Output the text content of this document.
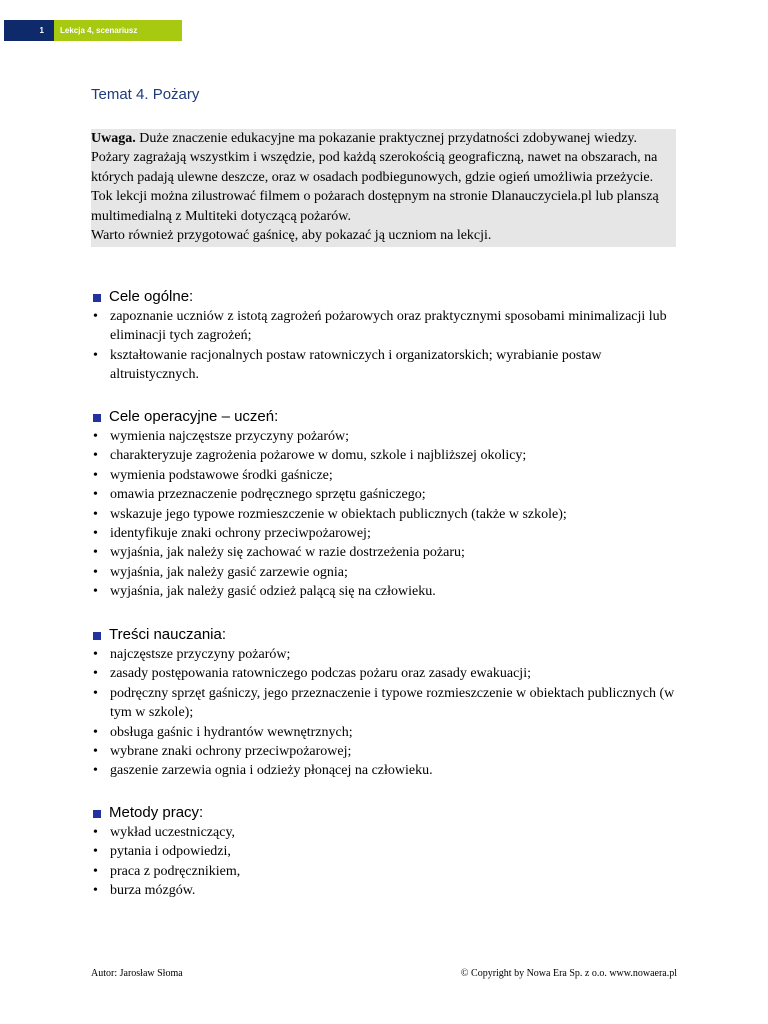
1	Lekcja 4, scenariusz
Temat 4. Pożary

Uwaga. Duże znaczenie edukacyjne ma pokazanie praktycznej przydatności zdobywanej wiedzy. Pożary zagrażają wszystkim i wszędzie, pod każdą szerokością geograficzną, nawet na obszarach, na których padają ulewne deszcze, oraz w osadach podbiegunowych, gdzie ogień umożliwia przeżycie.

Tok lekcji można zilustrować filmem o pożarach dostępnym na stronie Dlanauczyciela.pl lub planszą multimedialną z Multiteki dotyczącą pożarów.

Warto również przygotować gaśnicę, aby pokazać ją uczniom na lekcji.

Cele ogólne:
• zapoznanie uczniów z istotą zagrożeń pożarowych oraz praktycznymi sposobami minimalizacji lub eliminacji tych zagrożeń;
• kształtowanie racjonalnych postaw ratowniczych i organizatorskich; wyrabianie postaw altruistycznych.
Cele operacyjne – uczeń:
• wymienia najczęstsze przyczyny pożarów;
• charakteryzuje zagrożenia pożarowe w domu, szkole i najbliższej okolicy;
• wymienia podstawowe środki gaśnicze;
• omawia przeznaczenie podręcznego sprzętu gaśniczego;
• wskazuje jego typowe rozmieszczenie w obiektach publicznych (także w szkole);
• identyfikuje znaki ochrony przeciwpożarowej;
• wyjaśnia, jak należy się zachować w razie dostrzeżenia pożaru;
• wyjaśnia, jak należy gasić zarzewie ognia;
• wyjaśnia, jak należy gasić odzież palącą się na człowieku.
Treści nauczania:
• najczęstsze przyczyny pożarów;
• zasady postępowania ratowniczego podczas pożaru oraz zasady ewakuacji;
• podręczny sprzęt gaśniczy, jego przeznaczenie i typowe rozmieszczenie w obiektach publicznych (w tym w szkole);
• obsługa gaśnic i hydrantów wewnętrznych;
• wybrane znaki ochrony przeciwpożarowej;
• gaszenie zarzewia ognia i odzieży płonącej na człowieku.
Metody pracy:
• wykład uczestniczący,
• pytania i odpowiedzi,
• praca z podręcznikiem,
• burza mózgów.
Autor: Jarosław Słoma	© Copyright by Nowa Era Sp. z o.o. www.nowaera.pl
